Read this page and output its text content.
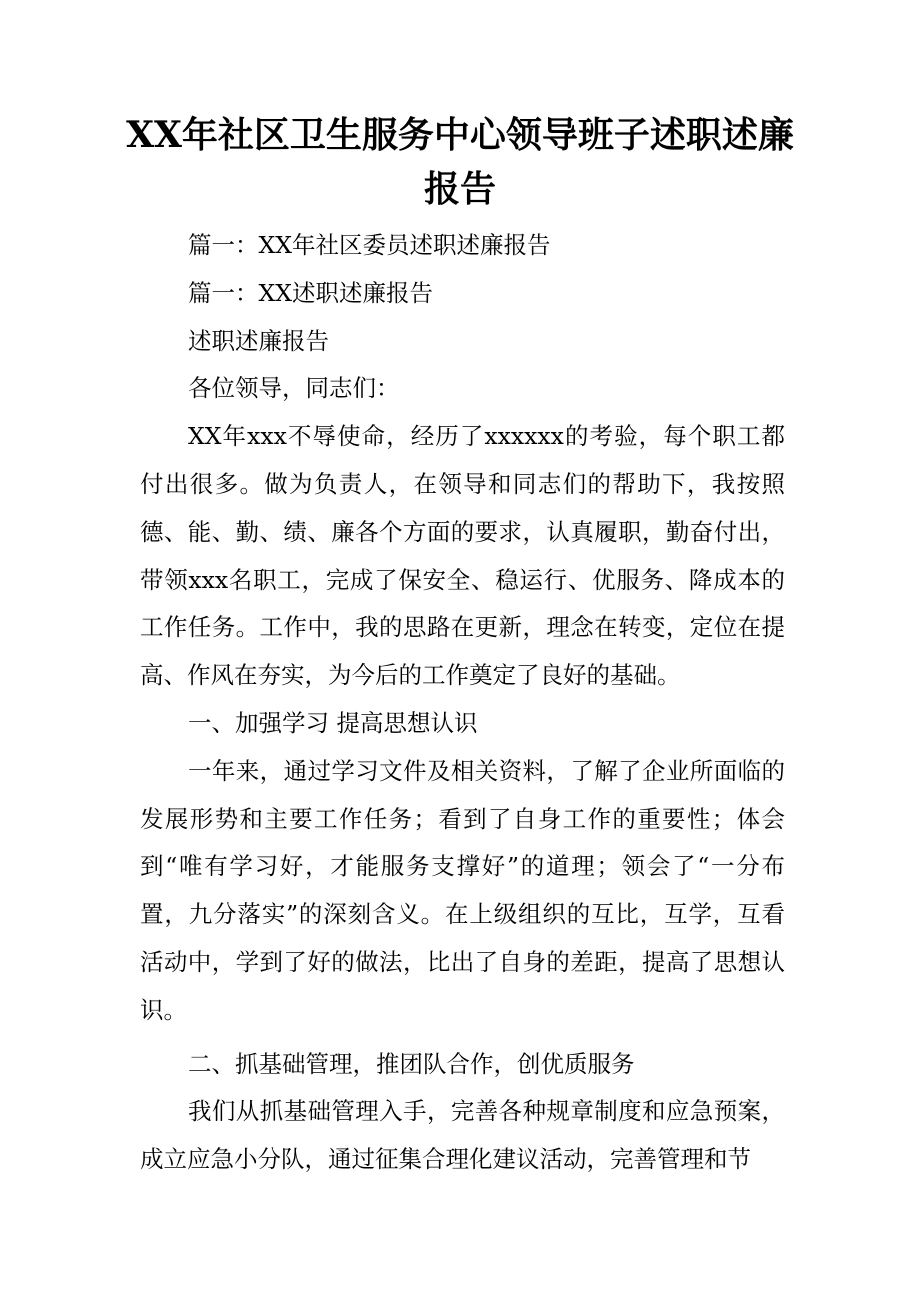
XX年社区卫生服务中心领导班子述职述廉报告

篇一：XX年社区委员述职述廉报告

篇一：XX述职述廉报告

述职述廉报告

各位领导，同志们：

XX年xxx不辱使命，经历了xxxxxx的考验，每个职工都付出很多。做为负责人，在领导和同志们的帮助下，我按照德、能、勤、绩、廉各个方面的要求，认真履职，勤奋付出，带领xxx名职工，完成了保安全、稳运行、优服务、降成本的工作任务。工作中，我的思路在更新，理念在转变，定位在提高、作风在夯实，为今后的工作奠定了良好的基础。

一、加强学习 提高思想认识

一年来，通过学习文件及相关资料，了解了企业所面临的发展形势和主要工作任务；看到了自身工作的重要性；体会到“唯有学习好，才能服务支撑好”的道理；领会了“一分布置，九分落实”的深刻含义。在上级组织的互比，互学，互看活动中，学到了好的做法，比出了自身的差距，提高了思想认识。

二、抓基础管理，推团队合作，创优质服务

我们从抓基础管理入手，完善各种规章制度和应急预案，成立应急小分队，通过征集合理化建议活动，完善管理和节
